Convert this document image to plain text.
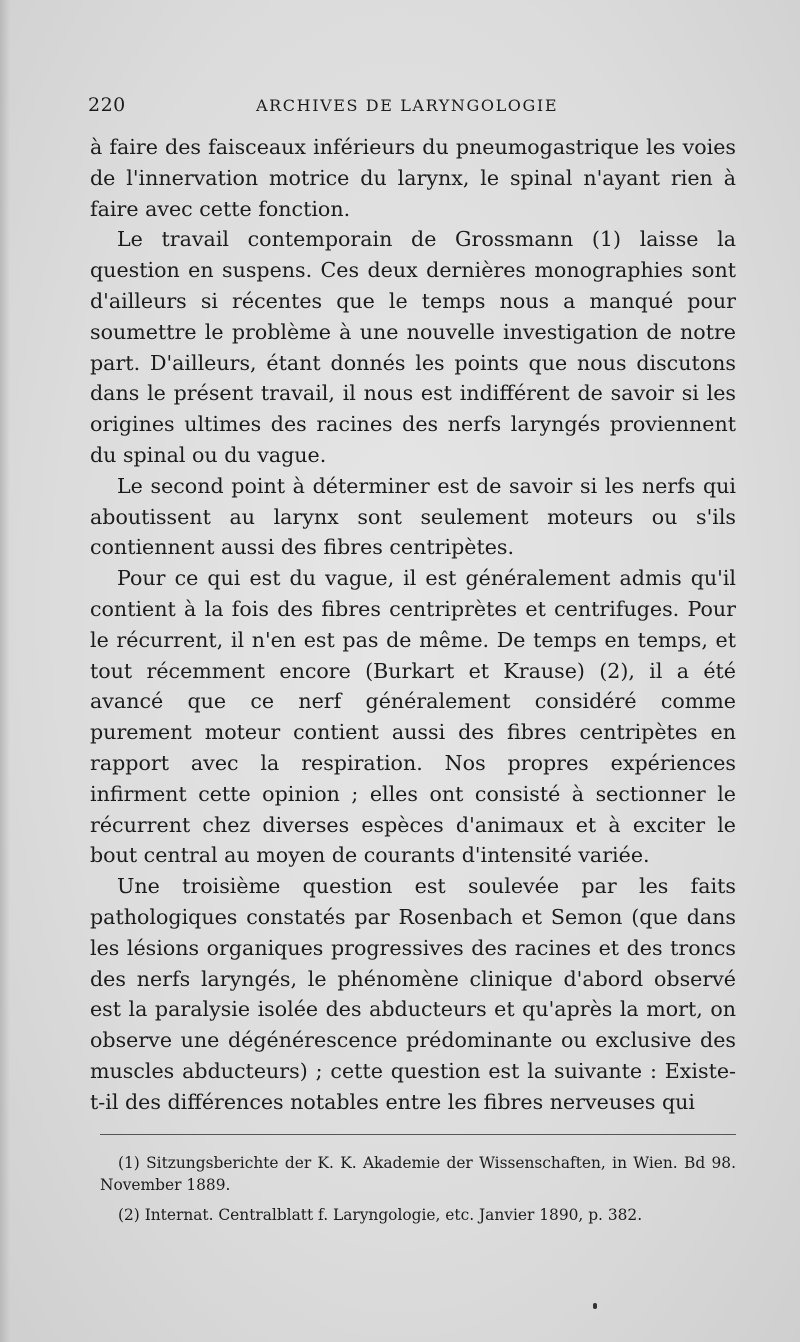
220	ARCHIVES DE LARYNGOLOGIE

à faire des faisceaux inférieurs du pneumogastrique les voies de l'innervation motrice du larynx, le spinal n'ayant rien à faire avec cette fonction.

Le travail contemporain de Grossmann (1) laisse la question en suspens. Ces deux dernières monographies sont d'ailleurs si récentes que le temps nous a manqué pour soumettre le problème à une nouvelle investigation de notre part. D'ailleurs, étant donnés les points que nous discutons dans le présent travail, il nous est indifférent de savoir si les origines ultimes des racines des nerfs laryngés proviennent du spinal ou du vague.

Le second point à déterminer est de savoir si les nerfs qui aboutissent au larynx sont seulement moteurs ou s'ils contiennent aussi des fibres centripètes.

Pour ce qui est du vague, il est généralement admis qu'il contient à la fois des fibres centriprètes et centrifuges. Pour le récurrent, il n'en est pas de même. De temps en temps, et tout récemment encore (Burkart et Krause) (2), il a été avancé que ce nerf généralement considéré comme purement moteur contient aussi des fibres centripètes en rapport avec la respiration. Nos propres expériences infirment cette opinion ; elles ont consisté à sectionner le récurrent chez diverses espèces d'animaux et à exciter le bout central au moyen de courants d'intensité variée.

Une troisième question est soulevée par les faits pathologiques constatés par Rosenbach et Semon (que dans les lésions organiques progressives des racines et des troncs des nerfs laryngés, le phénomène clinique d'abord observé est la paralysie isolée des abducteurs et qu'après la mort, on observe une dégénérescence prédominante ou exclusive des muscles abducteurs) ; cette question est la suivante : Existe-t-il des différences notables entre les fibres nerveuses qui

(1) Sitzungsberichte der K. K. Akademie der Wissenschaften, in Wien. Bd 98. November 1889.

(2) Internat. Centralblatt f. Laryngologie, etc. Janvier 1890, p. 382.
